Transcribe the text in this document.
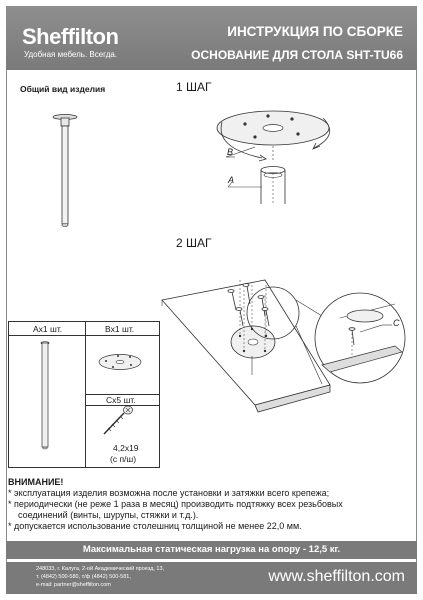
Sheffilton
Удобная мебель. Всегда.
ИНСТРУКЦИЯ ПО СБОРКЕ
ОСНОВАНИЕ ДЛЯ СТОЛА SHT-TU66
Общий вид изделия	1 ШАГ
2 ШАГ
A
B
C
Ax1 шт.	Bx1 шт.
Cx5 шт.
4,2x19
(с п/ш)
ВНИМАНИЕ!
* эксплуатация изделия возможна после установки и затяжки всего крепежа;
* периодически (не реже 1 раза в месяц) производить подтяжку всех резьбовых
соединений (винты, шурупы, стяжки и т.д.).
* допускается использование столешниц толщиной не менее 22,0 мм.
Максимальная статическая нагрузка на опору - 12,5 кг.
248033, г. Калуга, 2-ой Академический проезд, 13,
т. (4842) 500-580, т/ф (4842) 500-581,
e-mail: partner@sheffilton.com	www.sheffilton.com
